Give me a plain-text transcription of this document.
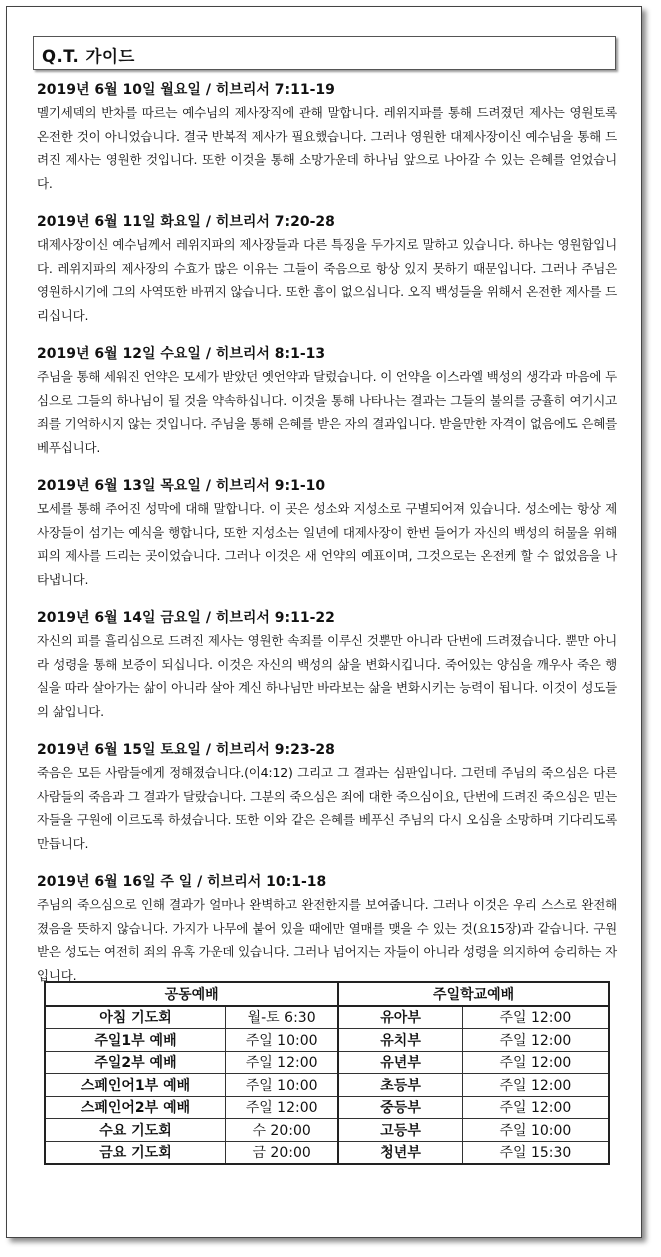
Q.T. 가이드
2019년 6월 10일 월요일 / 히브리서 7:11-19
멜기세덱의 반차를 따르는 예수님의 제사장직에 관해 말합니다. 레위지파를 통해 드려졌던 제사는 영원토록 온전한 것이 아니었습니다. 결국 반복적 제사가 필요했습니다. 그러나 영원한 대제사장이신 예수님을 통해 드려진 제사는 영원한 것입니다. 또한 이것을 통해 소망가운데 하나님 앞으로 나아갈 수 있는 은혜를 얻었습니다.
2019년 6월 11일 화요일 / 히브리서 7:20-28
대제사장이신 예수님께서 레위지파의 제사장들과 다른 특징을 두가지로 말하고 있습니다. 하나는 영원함입니다. 레위지파의 제사장의 수효가 많은 이유는 그들이 죽음으로 항상 있지 못하기 때문입니다. 그러나 주님은 영원하시기에 그의 사역또한 바뀌지 않습니다. 또한 흠이 없으십니다. 오직 백성들을 위해서 온전한 제사를 드리십니다.
2019년 6월 12일 수요일 / 히브리서 8:1-13
주님을 통해 세워진 언약은 모세가 받았던 옛언약과 달렀습니다. 이 언약을 이스라엘 백성의 생각과 마음에 두심으로 그들의 하나님이 될 것을 약속하십니다. 이것을 통해 나타나는 결과는 그들의 불의를 긍휼히 여기시고 죄를 기억하시지 않는 것입니다. 주님을 통해 은혜를 받은 자의 결과입니다. 받을만한 자격이 없음에도 은혜를 베푸십니다.
2019년 6월 13일 목요일 / 히브리서 9:1-10
모세를 통해 주어진 성막에 대해 말합니다. 이 곳은 성소와 지성소로 구별되어져 있습니다. 성소에는 항상 제사장들이 섬기는 예식을 행합니다, 또한 지성소는 일년에 대제사장이 한번 들어가 자신의 백성의 허물을 위해 피의 제사를 드리는 곳이었습니다. 그러나 이것은 새 언약의 예표이며, 그것으로는 온전케 할 수 없었음을 나타냅니다.
2019년 6월 14일 금요일 / 히브리서 9:11-22
자신의 피를 흘리심으로 드려진 제사는 영원한 속죄를 이루신 것뿐만 아니라 단번에 드려졌습니다. 뿐만 아니라 성령을 통해 보증이 되십니다. 이것은 자신의 백성의 삶을 변화시킵니다. 죽어있는 양심을 깨우사 죽은 행실을 따라 살아가는 삶이 아니라 살아 계신 하나님만 바라보는 삶을 변화시키는 능력이 됩니다. 이것이 성도들의 삶입니다.
2019년 6월 15일 토요일 / 히브리서 9:23-28
죽음은 모든 사람들에게 정해졌습니다.(이4:12) 그리고 그 결과는 심판입니다. 그런데 주님의 죽으심은 다른 사람들의 죽음과 그 결과가 달랐습니다. 그분의 죽으심은 죄에 대한 죽으심이요, 단번에 드려진 죽으심은 믿는 자들을 구원에 이르도록 하셨습니다. 또한 이와 같은 은혜를 베푸신 주님의 다시 오심을 소망하며 기다리도록 만듭니다.
2019년 6월 16일 주 일 / 히브리서 10:1-18
주님의 죽으심으로 인해 결과가 얼마나 완벽하고 완전한지를 보여줍니다. 그러나 이것은 우리 스스로 완전해졌음을 뜻하지 않습니다. 가지가 나무에 붙어 있을 때에만 열매를 맺을 수 있는 것(요15장)과 같습니다. 구원받은 성도는 여전히 죄의 유혹 가운데 있습니다. 그러나 넘어지는 자들이 아니라 성령을 의지하여 승리하는 자입니다.
공동예배		주일학교예배	
아침 기도회	월-토 6:30	유아부	주일 12:00
주일1부 예배	주일 10:00	유치부	주일 12:00
주일2부 예배	주일 12:00	유년부	주일 12:00
스페인어1부 예배	주일 10:00	초등부	주일 12:00
스페인어2부 예배	주일 12:00	중등부	주일 12:00
수요 기도회	수 20:00	고등부	주일 10:00
금요 기도회	금 20:00	청년부	주일 15:30
